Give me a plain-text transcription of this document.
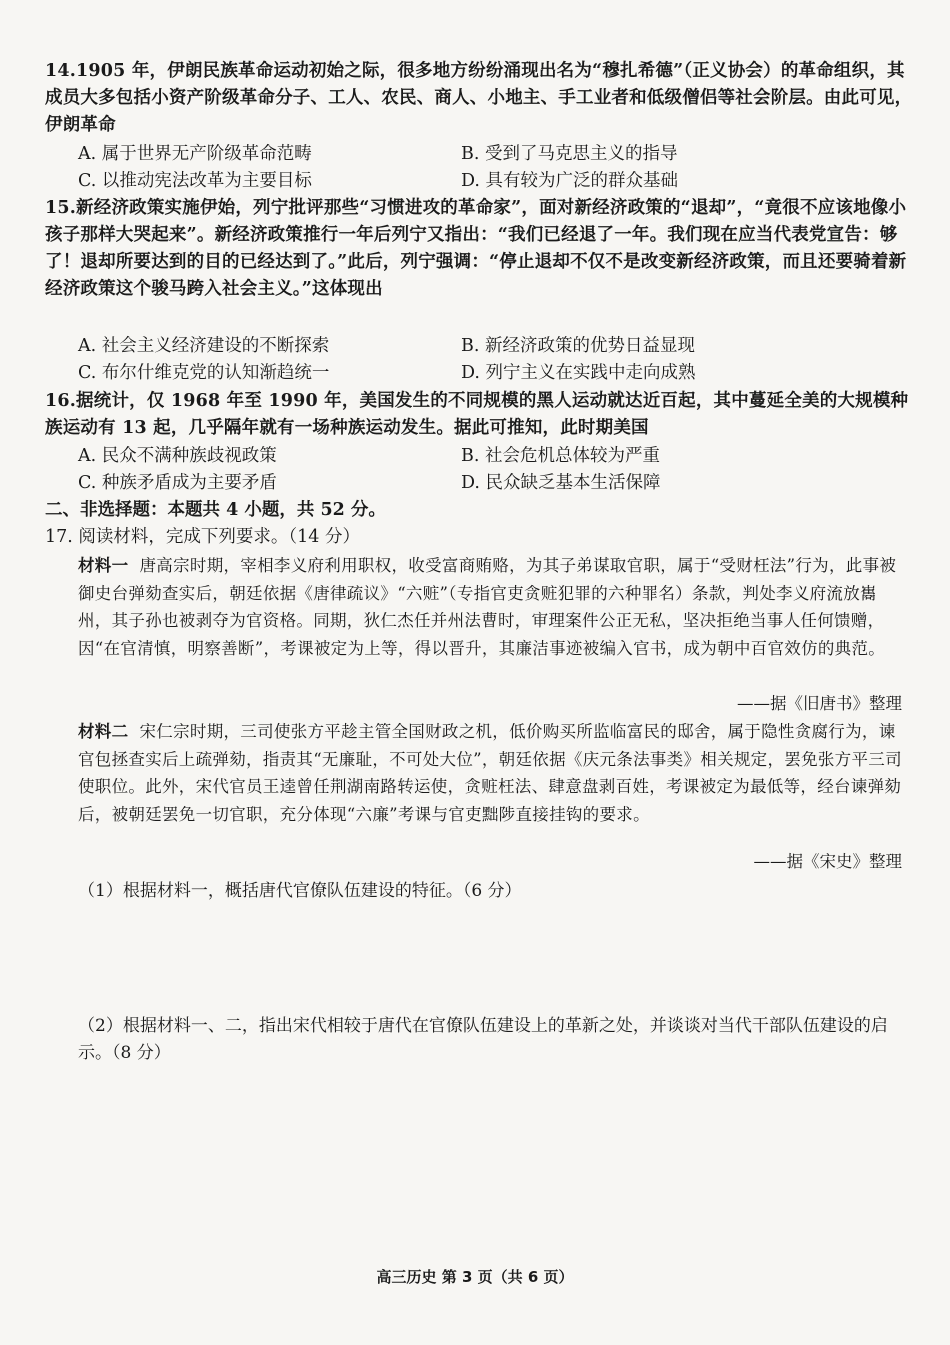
14.1905 年，伊朗民族革命运动初始之际，很多地方纷纷涌现出名为“穆扎希德”（正义协会）的革命组织，其成员大多包括小资产阶级革命分子、工人、农民、商人、小地主、手工业者和低级僧侣等社会阶层。由此可见，伊朗革命
A. 属于世界无产阶级革命范畴	B. 受到了马克思主义的指导
C. 以推动宪法改革为主要目标	D. 具有较为广泛的群众基础
15.新经济政策实施伊始，列宁批评那些“习惯进攻的革命家”，面对新经济政策的“退却”，“竟很不应该地像小孩子那样大哭起来”。新经济政策推行一年后列宁又指出：“我们已经退了一年。我们现在应当代表党宣告：够了！退却所要达到的目的已经达到了。”此后，列宁强调：“停止退却不仅不是改变新经济政策，而且还要骑着新经济政策这个骏马跨入社会主义。”这体现出
A. 社会主义经济建设的不断探索	B. 新经济政策的优势日益显现
C. 布尔什维克党的认知渐趋统一	D. 列宁主义在实践中走向成熟
16.据统计，仅 1968 年至 1990 年，美国发生的不同规模的黑人运动就达近百起，其中蔓延全美的大规模种族运动有 13 起，几乎隔年就有一场种族运动发生。据此可推知，此时期美国
A. 民众不满种族歧视政策	B. 社会危机总体较为严重
C. 种族矛盾成为主要矛盾	D. 民众缺乏基本生活保障
二、非选择题：本题共 4 小题，共 52 分。
17. 阅读材料，完成下列要求。（14 分）
材料一 唐高宗时期，宰相李义府利用职权，收受富商贿赂，为其子弟谋取官职，属于“受财枉法”行为，此事被御史台弹劾查实后，朝廷依据《唐律疏议》“六赃”（专指官吏贪赃犯罪的六种罪名）条款，判处李义府流放巂州，其子孙也被剥夺为官资格。同期，狄仁杰任并州法曹时，审理案件公正无私，坚决拒绝当事人任何馈赠，因“在官清慎，明察善断”，考课被定为上等，得以晋升，其廉洁事迹被编入官书，成为朝中百官效仿的典范。
——据《旧唐书》整理
材料二 宋仁宗时期，三司使张方平趁主管全国财政之机，低价购买所监临富民的邸舍，属于隐性贪腐行为，谏官包拯查实后上疏弹劾，指责其“无廉耻，不可处大位”，朝廷依据《庆元条法事类》相关规定，罢免张方平三司使职位。此外，宋代官员王逵曾任荆湖南路转运使，贪赃枉法、肆意盘剥百姓，考课被定为最低等，经台谏弹劾后，被朝廷罢免一切官职，充分体现“六廉”考课与官吏黜陟直接挂钩的要求。
——据《宋史》整理
（1）根据材料一，概括唐代官僚队伍建设的特征。（6 分）
（2）根据材料一、二，指出宋代相较于唐代在官僚队伍建设上的革新之处，并谈谈对当代干部队伍建设的启示。（8 分）
高三历史 第 3 页（共 6 页）
